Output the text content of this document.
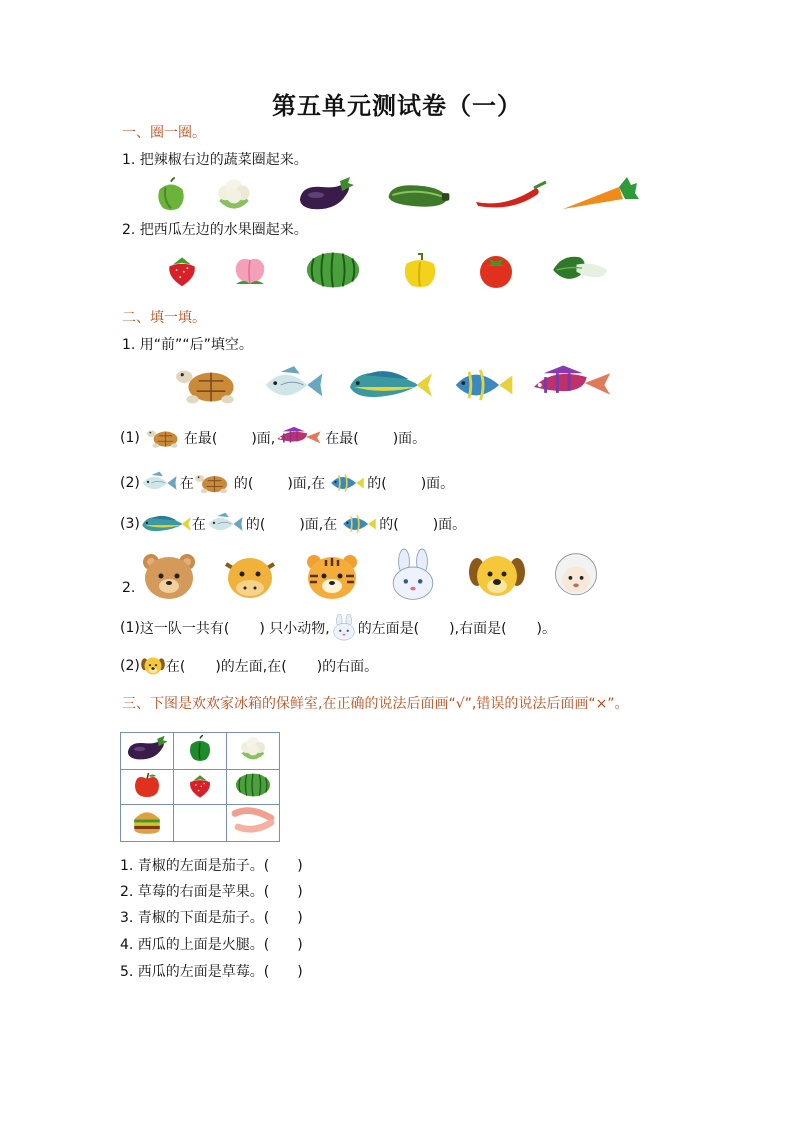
第五单元测试卷（一）
一、圈一圈。
1. 把辣椒右边的蔬菜圈起来。
2. 把西瓜左边的水果圈起来。
二、填一填。
1. 用“前”“后”填空。
(1)	在最( )面,	在最( )面。
(2)	在	的( )面,在	的( )面。
(3)	在	的( )面,在	的( )面。
2.
(1) 这一队一共有( ) 只小动物, 的左面是( ),右面是( )。
(2) 在( )的左面,在( )的右面。
三、下图是欢欢家冰箱的保鲜室,在正确的说法后面画“√”,错误的说法后面画“×”。

1. 青椒的左面是茄子。(　　)
2. 草莓的右面是苹果。(　　)
3. 青椒的下面是茄子。(　　)
4. 西瓜的上面是火腿。(　　)
5. 西瓜的左面是草莓。(　　)
